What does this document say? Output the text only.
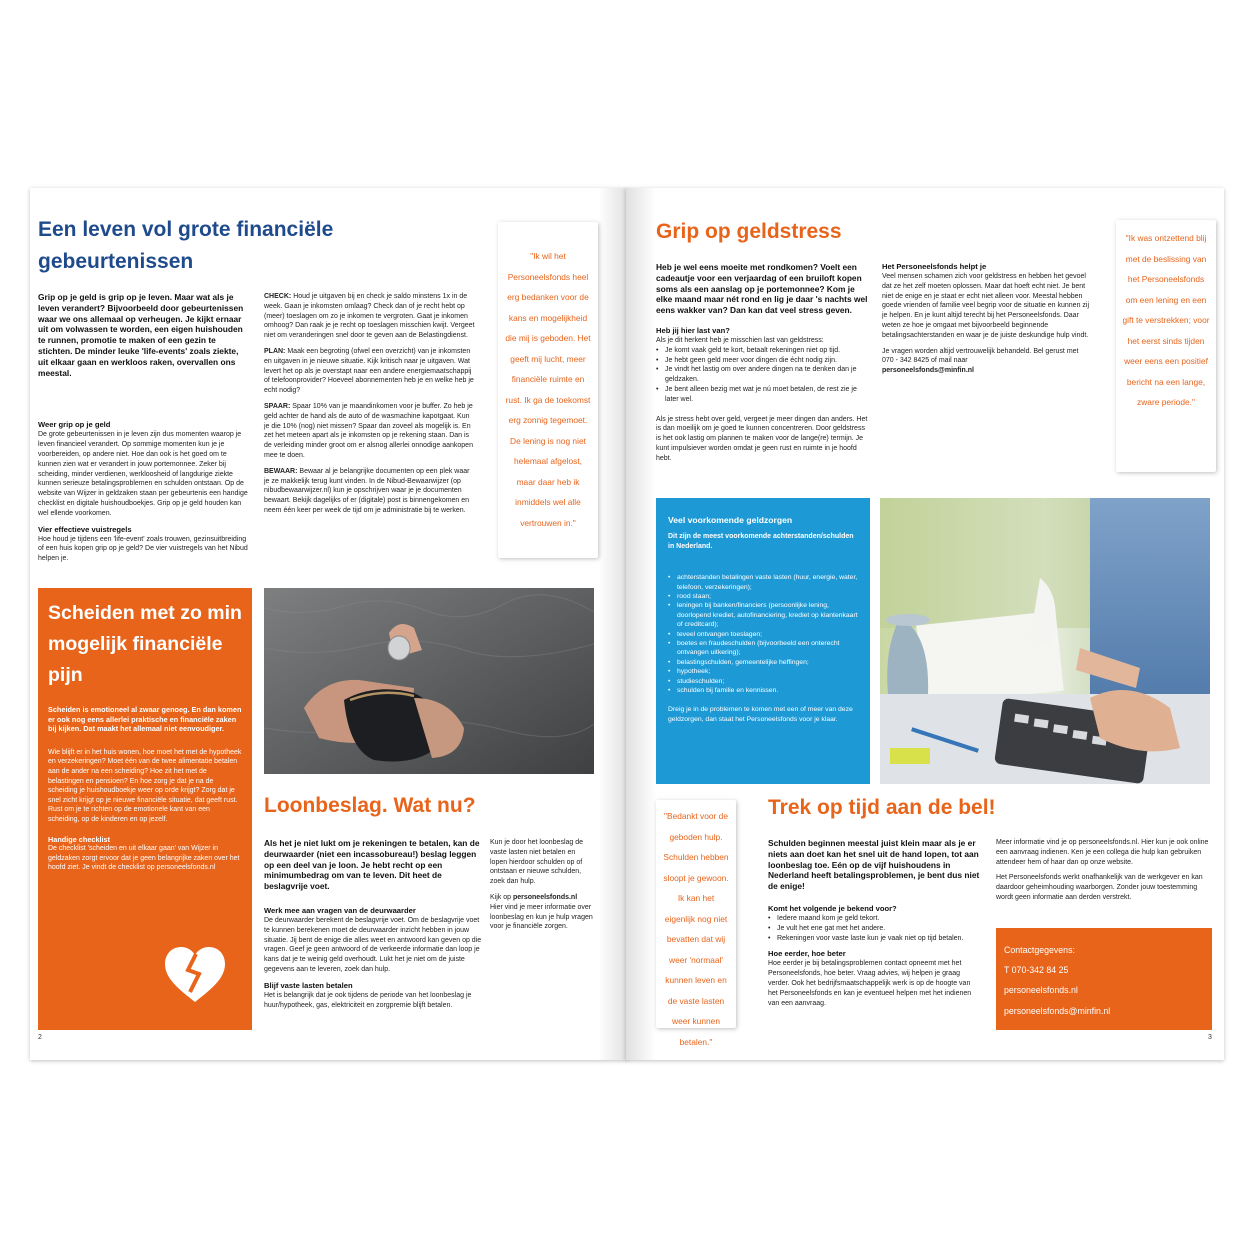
Een leven vol grote financiële gebeurtenissen

Grip op je geld is grip op je leven. Maar wat als je leven verandert? Bijvoorbeeld door gebeurtenissen waar we ons allemaal op verheugen. Je kijkt ernaar uit om volwassen te worden, een eigen huishouden te runnen, promotie te maken of een gezin te stichten. De minder leuke 'life-events' zoals ziekte, uit elkaar gaan en werkloos raken, overvallen ons meestal.

Weer grip op je geld

De grote gebeurtenissen in je leven zijn dus momenten waarop je leven financieel verandert. Op sommige momenten kun je je voorbereiden, op andere niet. Hoe dan ook is het goed om te kunnen zien wat er verandert in jouw portemonnee. Zeker bij scheiding, minder verdienen, werkloosheid of langdurige ziekte kunnen serieuze betalingsproblemen en schulden ontstaan. Op de website van Wijzer in geldzaken staan per gebeurtenis een handige checklist en digitale huishoudboekjes. Grip op je geld houden kan wel ellende voorkomen.

Vier effectieve vuistregels

Hoe houd je tijdens een 'life-event' zoals trouwen, gezinsuitbreiding of een huis kopen grip op je geld? De vier vuistregels van het Nibud helpen je.

CHECK: Houd je uitgaven bij en check je saldo minstens 1x in de week. Gaan je inkomsten omlaag? Check dan of je recht hebt op (meer) toeslagen om zo je inkomen te vergroten. Gaat je inkomen omhoog? Dan raak je je recht op toeslagen misschien kwijt. Vergeet niet om veranderingen snel door te geven aan de Belastingdienst.

PLAN: Maak een begroting (ofwel een overzicht) van je inkomsten en uitgaven in je nieuwe situatie. Kijk kritisch naar je uitgaven. Wat levert het op als je overstapt naar een andere energiemaatschappij of telefoonprovider? Hoeveel abonnementen heb je en welke heb je echt nodig?

SPAAR: Spaar 10% van je maandinkomen voor je buffer. Zo heb je geld achter de hand als de auto of de wasmachine kapotgaat. Kun je die 10% (nog) niet missen? Spaar dan zoveel als mogelijk is. En zet het meteen apart als je inkomsten op je rekening staan. Dan is de verleiding minder groot om er alsnog allerlei onnodige aankopen mee te doen.

BEWAAR: Bewaar al je belangrijke documenten op een plek waar je ze makkelijk terug kunt vinden. In de Nibud-Bewaarwijzer (op nibudbewaarwijzer.nl) kun je opschrijven waar je je documenten bewaart. Bekijk dagelijks of er (digitale) post is binnengekomen en neem één keer per week de tijd om je administratie bij te werken.

"Ik wil het Personeelsfonds heel erg bedanken voor de kans en mogelijkheid die mij is geboden. Het geeft mij lucht, meer financiële ruimte en rust. Ik ga de toekomst erg zonnig tegemoet. De lening is nog niet helemaal afgelost, maar daar heb ik inmiddels wel alle vertrouwen in."
Scheiden met zo min mogelijk financiële pijn

Scheiden is emotioneel al zwaar genoeg. En dan komen er ook nog eens allerlei praktische en financiële zaken bij kijken. Dat maakt het allemaal niet eenvoudiger.

Wie blijft er in het huis wonen, hoe moet het met de hypotheek en verzekeringen? Moet één van de twee alimentatie betalen aan de ander na een scheiding? Hoe zit het met de belastingen en pensioen? En hoe zorg je dat je na de scheiding je huishoudboekje weer op orde krijgt? Zorg dat je snel zicht krijgt op je nieuwe financiële situatie, dat geeft rust. Rust om je te richten op de emotionele kant van een scheiding, op de kinderen en op jezelf.

Handige checklist

De checklist 'scheiden en uit elkaar gaan' van Wijzer in geldzaken zorgt ervoor dat je geen belangrijke zaken over het hoofd ziet. Je vindt de checklist op personeelsfonds.nl

Loonbeslag. Wat nu?

Als het je niet lukt om je rekeningen te betalen, kan de deurwaarder (niet een incassobureau!) beslag leggen op een deel van je loon. Je hebt recht op een minimumbedrag om van te leven. Dit heet de beslagvrije voet.

Werk mee aan vragen van de deurwaarder

De deurwaarder berekent de beslagvrije voet. Om de beslagvrije voet te kunnen berekenen moet de deurwaarder inzicht hebben in jouw situatie. Jij bent de enige die alles weet en antwoord kan geven op die vragen. Geef je geen antwoord of de verkeerde informatie dan loop je kans dat je te weinig geld overhoudt. Lukt het je niet om de juiste gegevens aan te leveren, zoek dan hulp.

Blijf vaste lasten betalen

Het is belangrijk dat je ook tijdens de periode van het loonbeslag je huur/hypotheek, gas, elektriciteit en zorgpremie blijft betalen.

Kun je door het loonbeslag de vaste lasten niet betalen en lopen hierdoor schulden op of ontstaan er nieuwe schulden, zoek dan hulp.

Kijk op personeelsfonds.nl

Hier vind je meer informatie over loonbeslag en kun je hulp vragen voor je financiële zorgen.

2
Grip op geldstress

Heb je wel eens moeite met rondkomen? Voelt een cadeautje voor een verjaardag of een bruiloft kopen soms als een aanslag op je portemonnee? Kom je elke maand maar nét rond en lig je daar 's nachts wel eens wakker van? Dan kan dat veel stress geven.

Heb jij hier last van?

Als je dit herkent heb je misschien last van geldstress:

• Je komt vaak geld te kort, betaalt rekeningen niet op tijd.
• Je hebt geen geld meer voor dingen die écht nodig zijn.
• Je vindt het lastig om over andere dingen na te denken dan je geldzaken.
• Je bent alleen bezig met wat je nú moet betalen, de rest zie je later wel.

Als je stress hebt over geld, vergeet je meer dingen dan anders. Het is dan moeilijk om je goed te kunnen concentreren. Door geldstress is het ook lastig om plannen te maken voor de lange(re) termijn. Je kunt impulsiever worden omdat je geen rust en ruimte in je hoofd hebt.

Het Personeelsfonds helpt je

Veel mensen schamen zich voor geldstress en hebben het gevoel dat ze het zelf moeten oplossen. Maar dat hoeft echt niet. Je bent niet de enige en je staat er echt niet alleen voor. Meestal hebben goede vrienden of familie veel begrip voor de situatie en kunnen zij je helpen. En je kunt altijd terecht bij het Personeelsfonds. Daar weten ze hoe je omgaat met bijvoorbeeld beginnende betalingsachterstanden en waar je de juiste deskundige hulp vindt.

Je vragen worden altijd vertrouwelijk behandeld. Bel gerust met 070 - 342 8425 of mail naar

personeelsfonds@minfin.nl

"Ik was ontzettend blij met de beslissing van het Personeelsfonds om een lening en een gift te verstrekken; voor het eerst sinds tijden weer eens een positief bericht na een lange, zware periode."

Veel voorkomende geldzorgen

Dit zijn de meest voorkomende achterstanden/schulden in Nederland.

• achterstanden betalingen vaste lasten (huur, energie, water, telefoon, verzekeringen);
• rood staan;
• leningen bij banken/financiers (persoonlijke lening, doorlopend krediet, autofinanciering, krediet op klantenkaart of creditcard);
• teveel ontvangen toeslagen;
• boetes en fraudeschulden (bijvoorbeeld een onterecht ontvangen uitkering);
• belastingschulden, gemeentelijke heffingen;
• hypotheek;
• studieschulden;
• schulden bij familie en kennissen.

Dreig je in de problemen te komen met een of meer van deze geldzorgen, dan staat het Personeelsfonds voor je klaar.

"Bedankt voor de geboden hulp. Schulden hebben sloopt je gewoon. Ik kan het eigenlijk nog niet bevatten dat wij weer 'normaal' kunnen leven en de vaste lasten weer kunnen betalen."
Trek op tijd aan de bel!

Schulden beginnen meestal juist klein maar als je er niets aan doet kan het snel uit de hand lopen, tot aan loonbeslag toe. Eén op de vijf huishoudens in Nederland heeft betalingsproblemen, je bent dus niet de enige!

Komt het volgende je bekend voor?

• Iedere maand kom je geld tekort.
• Je vult het ene gat met het andere.
• Rekeningen voor vaste laste kun je vaak niet op tijd betalen.

Hoe eerder, hoe beter

Hoe eerder je bij betalingsproblemen contact opneemt met het Personeelsfonds, hoe beter. Vraag advies, wij helpen je graag verder. Ook het bedrijfsmaatschappelijk werk is op de hoogte van het Personeelsfonds en kan je eventueel helpen met het indienen van een aanvraag.

Meer informatie vind je op personeelsfonds.nl. Hier kun je ook online een aanvraag indienen. Ken je een collega die hulp kan gebruiken attendeer hem of haar dan op onze website.

Het Personeelsfonds werkt onafhankelijk van de werkgever en kan daardoor geheimhouding waarborgen. Zonder jouw toestemming wordt geen informatie aan derden verstrekt.

Contactgegevens:

T 070-342 84 25

personeelsfonds.nl

personeelsfonds@minfin.nl

3
